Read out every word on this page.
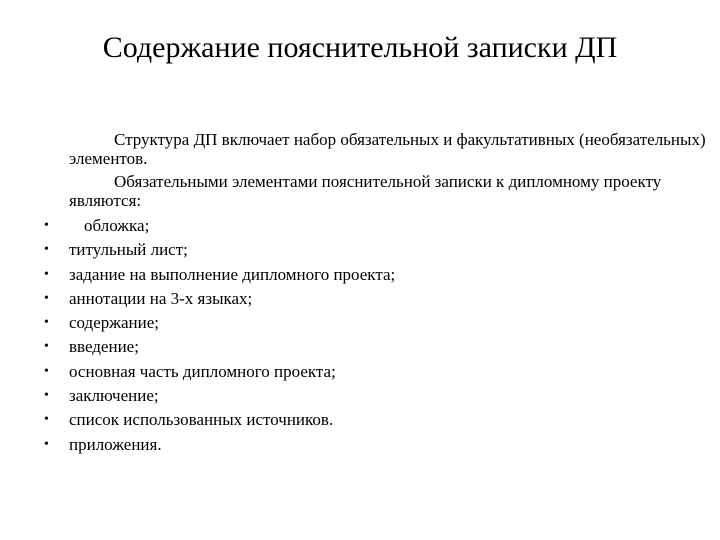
Содержание пояснительной записки ДП

Структура ДП включает набор обязательных и факультативных (необязательных) элементов.

Обязательными элементами пояснительной записки к дипломному проекту являются:

• обложка;
• титульный лист;
• задание на выполнение дипломного проекта;
• аннотации на 3-х языках;
• содержание;
• введение;
• основная часть дипломного проекта;
• заключение;
• список использованных источников.
• приложения.
